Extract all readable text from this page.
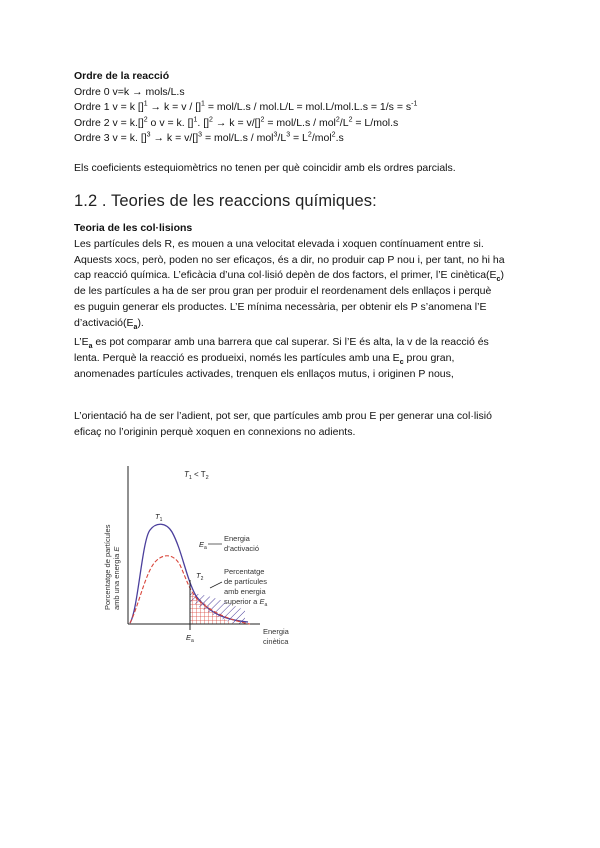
Ordre de la reacció
Ordre 0 v=k → mols/L.s
Ordre 1 v = k $[]^1 \to k = v / []^1 = mol/L.s / mol.L/L = mol.L/mol.L.s = 1/s = s^{-1}$
Ordre 2 v = k.[]$^2$ o v = k. []$^1$. $[]^2 \to k = v/[]^2 = mol/L.s / mol^2/L^2 = L/mol.s$
Ordre 3 v = k. $[]^3 \to k = v/[]^3 = mol/L.s / mol^3/L^3 = L^2/mol^2.s$
Els coeficients estequiomètrics no tenen per què coincidir amb els ordres parcials.
1.2 . Teories de les reaccions químiques:
Teoria de les col·lisions
Les partícules dels R, es mouen a una velocitat elevada i xoquen contínuament entre si.
Aquests xocs, però, poden no ser eficaços, és a dir, no produir cap P nou i, per tant, no hi ha
cap reacció química. L’eficàcia d’una col·lisió depèn de dos factors, el primer, l’E $cinètica(E_c)$
de les partícules a ha de ser prou gran per produir el reordenament dels enllaços i perquè
es puguin generar els productes. L’E mínima necessària, per obtenir els P s’anomena l’E
$d’activació(E_a)$.
$L’E_a$ es pot comparar amb una barrera que cal superar. Si l’E és alta, la v de la reacció és
lenta. Perquè la reacció es produeixi, només les partícules amb una $E_c$ prou gran,
anomenades partícules activades, trenquen els enllaços mutus, i originen P nous,
L’orientació ha de ser l’adient, pot ser, que partícules amb prou E per generar una col·lisió
eficaç no l’originin perquè xoquen en connexions no adients.
$T_1 < T_2$
Porcentatge de partícules amb una energia E
$T_1$
$T_2$
$E_a$
Energia
d’activació
Percentatge
de partícules
amb energia
superior a $E_a$
$E_a$
Energia
cinètica
